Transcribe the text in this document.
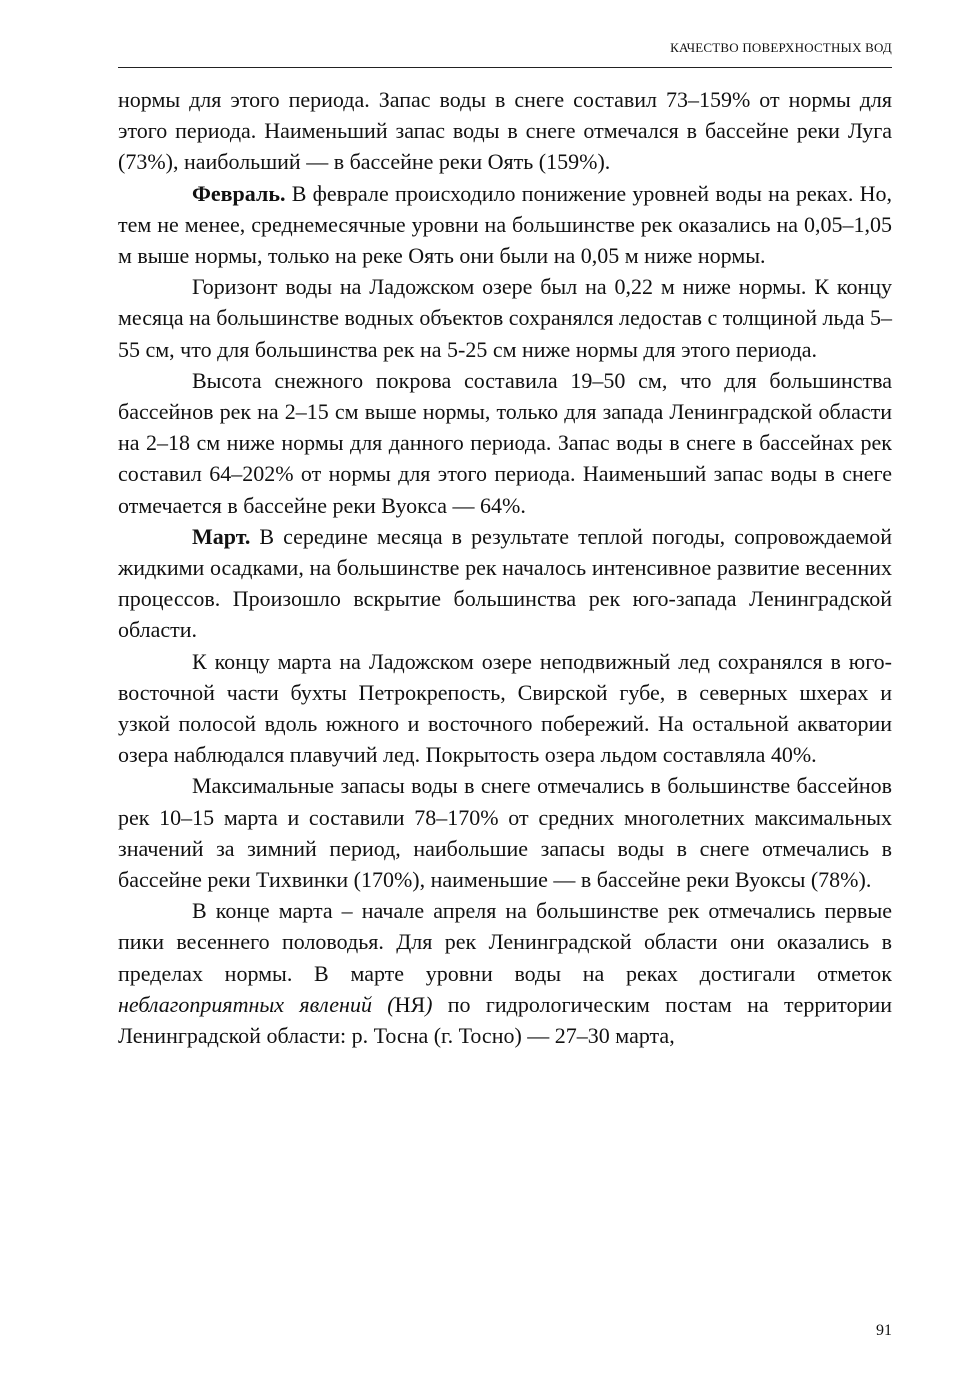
КАЧЕСТВО ПОВЕРХНОСТНЫХ ВОД

нормы для этого периода. Запас воды в снеге составил 73–159% от нормы для этого периода. Наименьший запас воды в снеге отмечался в бассейне реки Луга (73%), наибольший — в бассейне реки Оять (159%).

Февраль. В феврале происходило понижение уровней воды на реках. Но, тем не менее, среднемесячные уровни на большинстве рек оказались на 0,05–1,05 м выше нормы, только на реке Оять они были на 0,05 м ниже нормы.

Горизонт воды на Ладожском озере был на 0,22 м ниже нормы. К концу месяца на большинстве водных объектов сохранялся ледостав с толщиной льда 5–55 см, что для большинства рек на 5-25 см ниже нормы для этого периода.

Высота снежного покрова составила 19–50 см, что для большинства бассейнов рек на 2–15 см выше нормы, только для запада Ленинградской области на 2–18 см ниже нормы для данного периода. Запас воды в снеге в бассейнах рек составил 64–202% от нормы для этого периода. Наименьший запас воды в снеге отмечается в бассейне реки Вуокса — 64%.

Март. В середине месяца в результате теплой погоды, сопровождаемой жидкими осадками, на большинстве рек началось интенсивное развитие весенних процессов. Произошло вскрытие большинства рек юго-запада Ленинградской области.

К концу марта на Ладожском озере неподвижный лед сохранялся в юго-восточной части бухты Петрокрепость, Свирской губе, в северных шхерах и узкой полосой вдоль южного и восточного побережий. На остальной акватории озера наблюдался плавучий лед. Покрытость озера льдом составляла 40%.

Максимальные запасы воды в снеге отмечались в большинстве бассейнов рек 10–15 марта и составили 78–170% от средних многолетних максимальных значений за зимний период, наибольшие запасы воды в снеге отмечались в бассейне реки Тихвинки (170%), наименьшие — в бассейне реки Вуоксы (78%).

В конце марта – начале апреля на большинстве рек отмечались первые пики весеннего половодья. Для рек Ленинградской области они оказались в пределах нормы. В марте уровни воды на реках достигали отметок неблагоприятных явлений (НЯ) по гидрологическим постам на территории Ленинградской области: р. Тосна (г. Тосно) — 27–30 марта,

91
